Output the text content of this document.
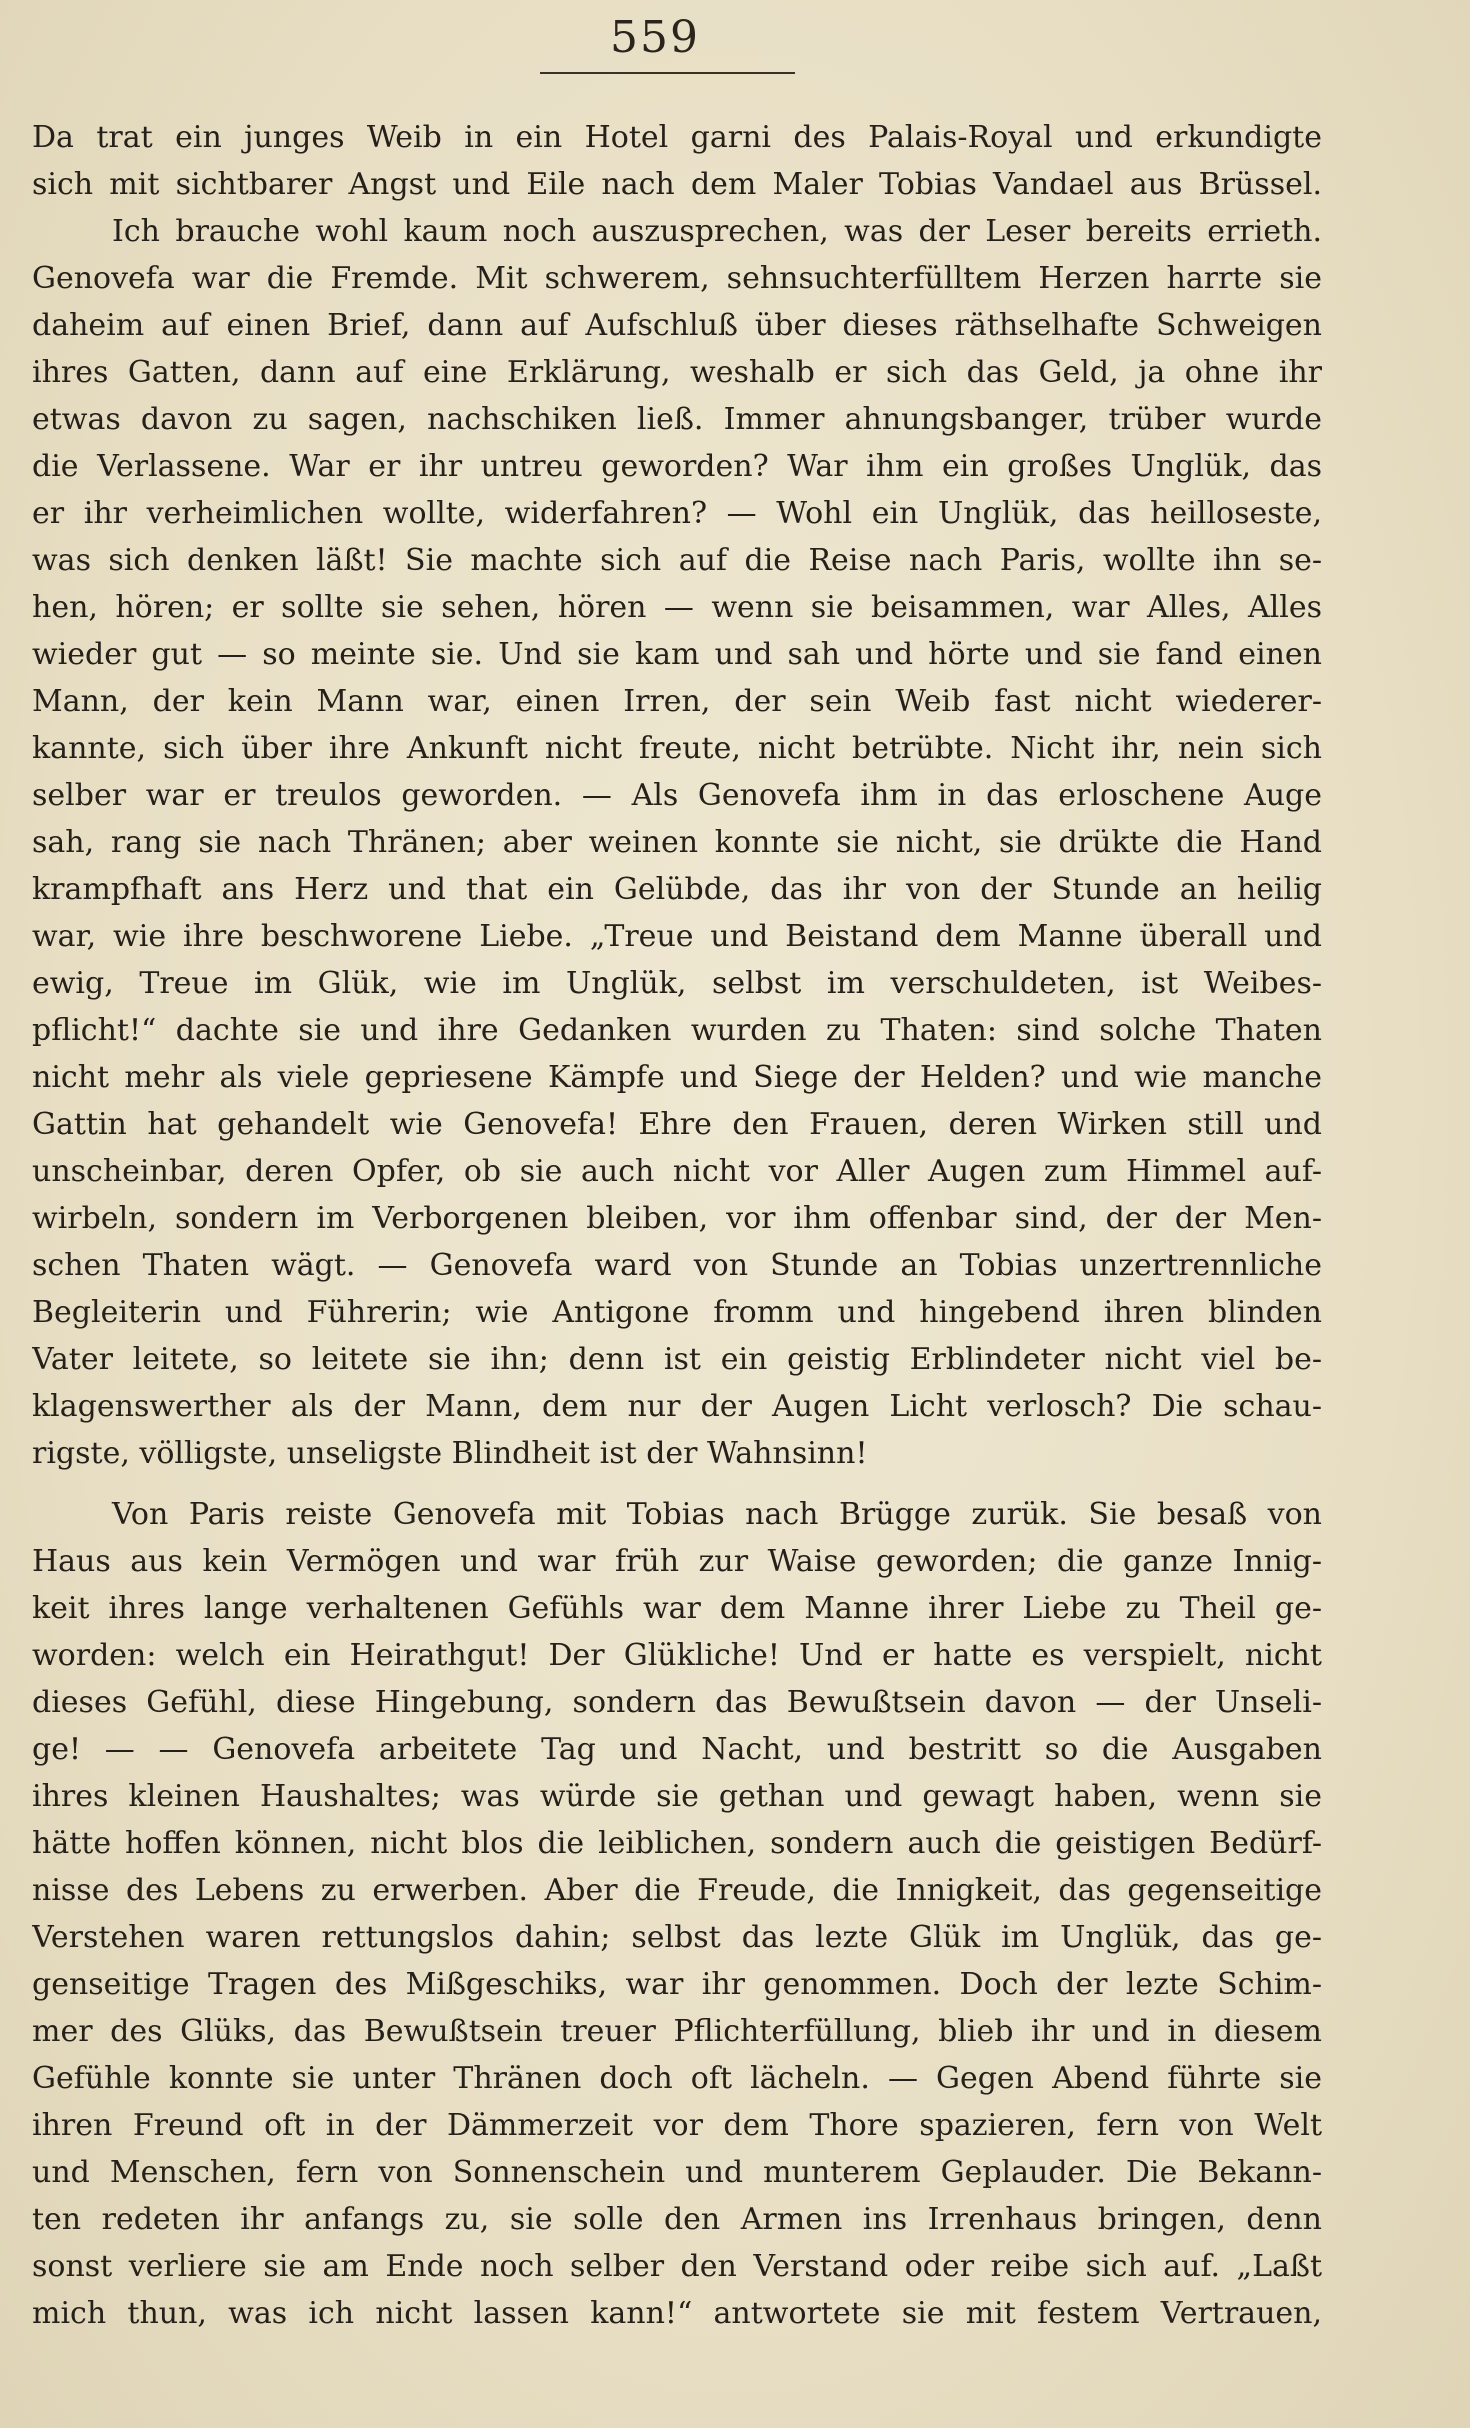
559
Da trat ein junges Weib in ein Hotel garni des Palais-Royal und erkundigte
sich mit sichtbarer Angst und Eile nach dem Maler Tobias Vandael aus Brüssel.
Ich brauche wohl kaum noch auszusprechen, was der Leser bereits errieth.
Genovefa war die Fremde. Mit schwerem, sehnsuchterfülltem Herzen harrte sie
daheim auf einen Brief, dann auf Aufschluß über dieses räthselhafte Schweigen
ihres Gatten, dann auf eine Erklärung, weshalb er sich das Geld, ja ohne ihr
etwas davon zu sagen, nachschiken ließ. Immer ahnungsbanger, trüber wurde
die Verlassene. War er ihr untreu geworden? War ihm ein großes Unglük, das
er ihr verheimlichen wollte, widerfahren? — Wohl ein Unglük, das heilloseste,
was sich denken läßt! Sie machte sich auf die Reise nach Paris, wollte ihn se-
hen, hören; er sollte sie sehen, hören — wenn sie beisammen, war Alles, Alles
wieder gut — so meinte sie. Und sie kam und sah und hörte und sie fand einen
Mann, der kein Mann war, einen Irren, der sein Weib fast nicht wiederer-
kannte, sich über ihre Ankunft nicht freute, nicht betrübte. Nicht ihr, nein sich
selber war er treulos geworden. — Als Genovefa ihm in das erloschene Auge
sah, rang sie nach Thränen; aber weinen konnte sie nicht, sie drükte die Hand
krampfhaft ans Herz und that ein Gelübde, das ihr von der Stunde an heilig
war, wie ihre beschworene Liebe. „Treue und Beistand dem Manne überall und
ewig, Treue im Glük, wie im Unglük, selbst im verschuldeten, ist Weibes-
pflicht!“ dachte sie und ihre Gedanken wurden zu Thaten: sind solche Thaten
nicht mehr als viele gepriesene Kämpfe und Siege der Helden? und wie manche
Gattin hat gehandelt wie Genovefa! Ehre den Frauen, deren Wirken still und
unscheinbar, deren Opfer, ob sie auch nicht vor Aller Augen zum Himmel auf-
wirbeln, sondern im Verborgenen bleiben, vor ihm offenbar sind, der der Men-
schen Thaten wägt. — Genovefa ward von Stunde an Tobias unzertrennliche
Begleiterin und Führerin; wie Antigone fromm und hingebend ihren blinden
Vater leitete, so leitete sie ihn; denn ist ein geistig Erblindeter nicht viel be-
klagenswerther als der Mann, dem nur der Augen Licht verlosch? Die schau-
rigste, völligste, unseligste Blindheit ist der Wahnsinn!
Von Paris reiste Genovefa mit Tobias nach Brügge zurük. Sie besaß von
Haus aus kein Vermögen und war früh zur Waise geworden; die ganze Innig-
keit ihres lange verhaltenen Gefühls war dem Manne ihrer Liebe zu Theil ge-
worden: welch ein Heirathgut! Der Glükliche! Und er hatte es verspielt, nicht
dieses Gefühl, diese Hingebung, sondern das Bewußtsein davon — der Unseli-
ge! — — Genovefa arbeitete Tag und Nacht, und bestritt so die Ausgaben
ihres kleinen Haushaltes; was würde sie gethan und gewagt haben, wenn sie
hätte hoffen können, nicht blos die leiblichen, sondern auch die geistigen Bedürf-
nisse des Lebens zu erwerben. Aber die Freude, die Innigkeit, das gegenseitige
Verstehen waren rettungslos dahin; selbst das lezte Glük im Unglük, das ge-
genseitige Tragen des Mißgeschiks, war ihr genommen. Doch der lezte Schim-
mer des Glüks, das Bewußtsein treuer Pflichterfüllung, blieb ihr und in diesem
Gefühle konnte sie unter Thränen doch oft lächeln. — Gegen Abend führte sie
ihren Freund oft in der Dämmerzeit vor dem Thore spazieren, fern von Welt
und Menschen, fern von Sonnenschein und munterem Geplauder. Die Bekann-
ten redeten ihr anfangs zu, sie solle den Armen ins Irrenhaus bringen, denn
sonst verliere sie am Ende noch selber den Verstand oder reibe sich auf. „Laßt
mich thun, was ich nicht lassen kann!“ antwortete sie mit festem Vertrauen,
